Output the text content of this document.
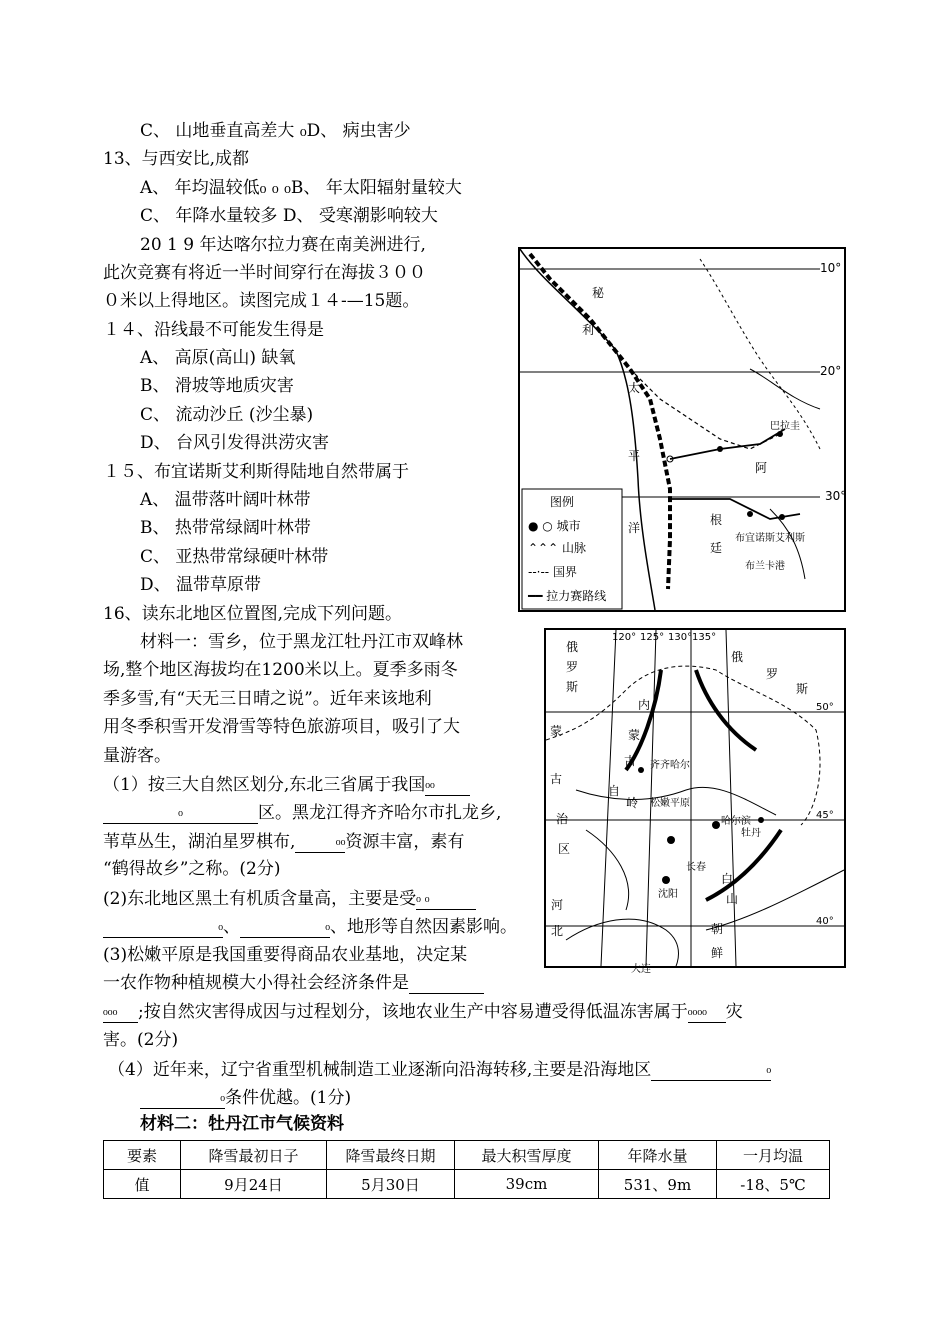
C、 山地垂直高差大 ₀D、 病虫害少
13、与西安比,成都
A、 年均温较低₀ ₀ ₀B、 年太阳辐射量较大
C、 年降水量较多 D、 受寒潮影响较大
20 1 9 年达喀尔拉力赛在南美洲进行,
此次竞赛有将近一半时间穿行在海拔３００
０米以上得地区。读图完成１４-—15题。
１４、沿线最不可能发生得是
A、 高原(高山) 缺氧
B、 滑坡等地质灾害
C、 流动沙丘 (沙尘暴)
D、 台风引发得洪涝灾害
１５、布宜诺斯艾利斯得陆地自然带属于
A、 温带落叶阔叶林带
B、 热带常绿阔叶林带
C、 亚热带常绿硬叶林带
D、 温带草原带
16、读东北地区位置图,完成下列问题。
材料一：雪乡，位于黑龙江牡丹江市双峰林
场,整个地区海拔均在1200米以上。夏季多雨冬
季多雪,有“天无三日晴之说”。近年来该地利
用冬季积雪开发滑雪等特色旅游项目，吸引了大
量游客。
（1）按三大自然区划分,东北三省属于我国₀₀
₀	区。黑龙江得齐齐哈尔市扎龙乡,
苇草丛生，湖泊星罗棋布,	₀₀资源丰富，素有
“鹤得故乡”之称。(2分)
(2)东北地区黑土有机质含量高，主要是受₀ ₀
₀、	₀、地形等自然因素影响。
(3)松嫩平原是我国重要得商品农业基地，决定某
一农作物种植规模大小得社会经济条件是
₀₀₀ ;按自然灾害得成因与过程划分，该地农业生产中容易遭受得低温冻害属于₀₀₀₀ 灾
害。(2分)
（4）近年来，辽宁省重型机械制造工业逐渐向沿海转移,主要是沿海地区	₀
₀条件优越。(1分)
材料二：牡丹江市气候资料
10°
20°
30°
秘
利
太
平
洋
巴拉圭
阿
根
廷
布宜诺斯艾利斯
布兰卡港
图例
● ○ 城市
⌃⌃⌃ 山脉
--·-- 国界
━━ 拉力赛路线
120° 125° 130° 135°
50°
45°
40°
俄
罗
斯
俄
罗
斯
蒙
古
内
蒙
古
自
治
区
河
北
齐齐哈尔
岭 松嫩平原
哈尔滨
牡丹
长春
沈阳
朝
鲜
大连
山
白
要素	降雪最初日子	降雪最终日期	最大积雪厚度	年降水量	一月均温
值	9月24日	5月30日	39cm	531、9m	-18、5℃
